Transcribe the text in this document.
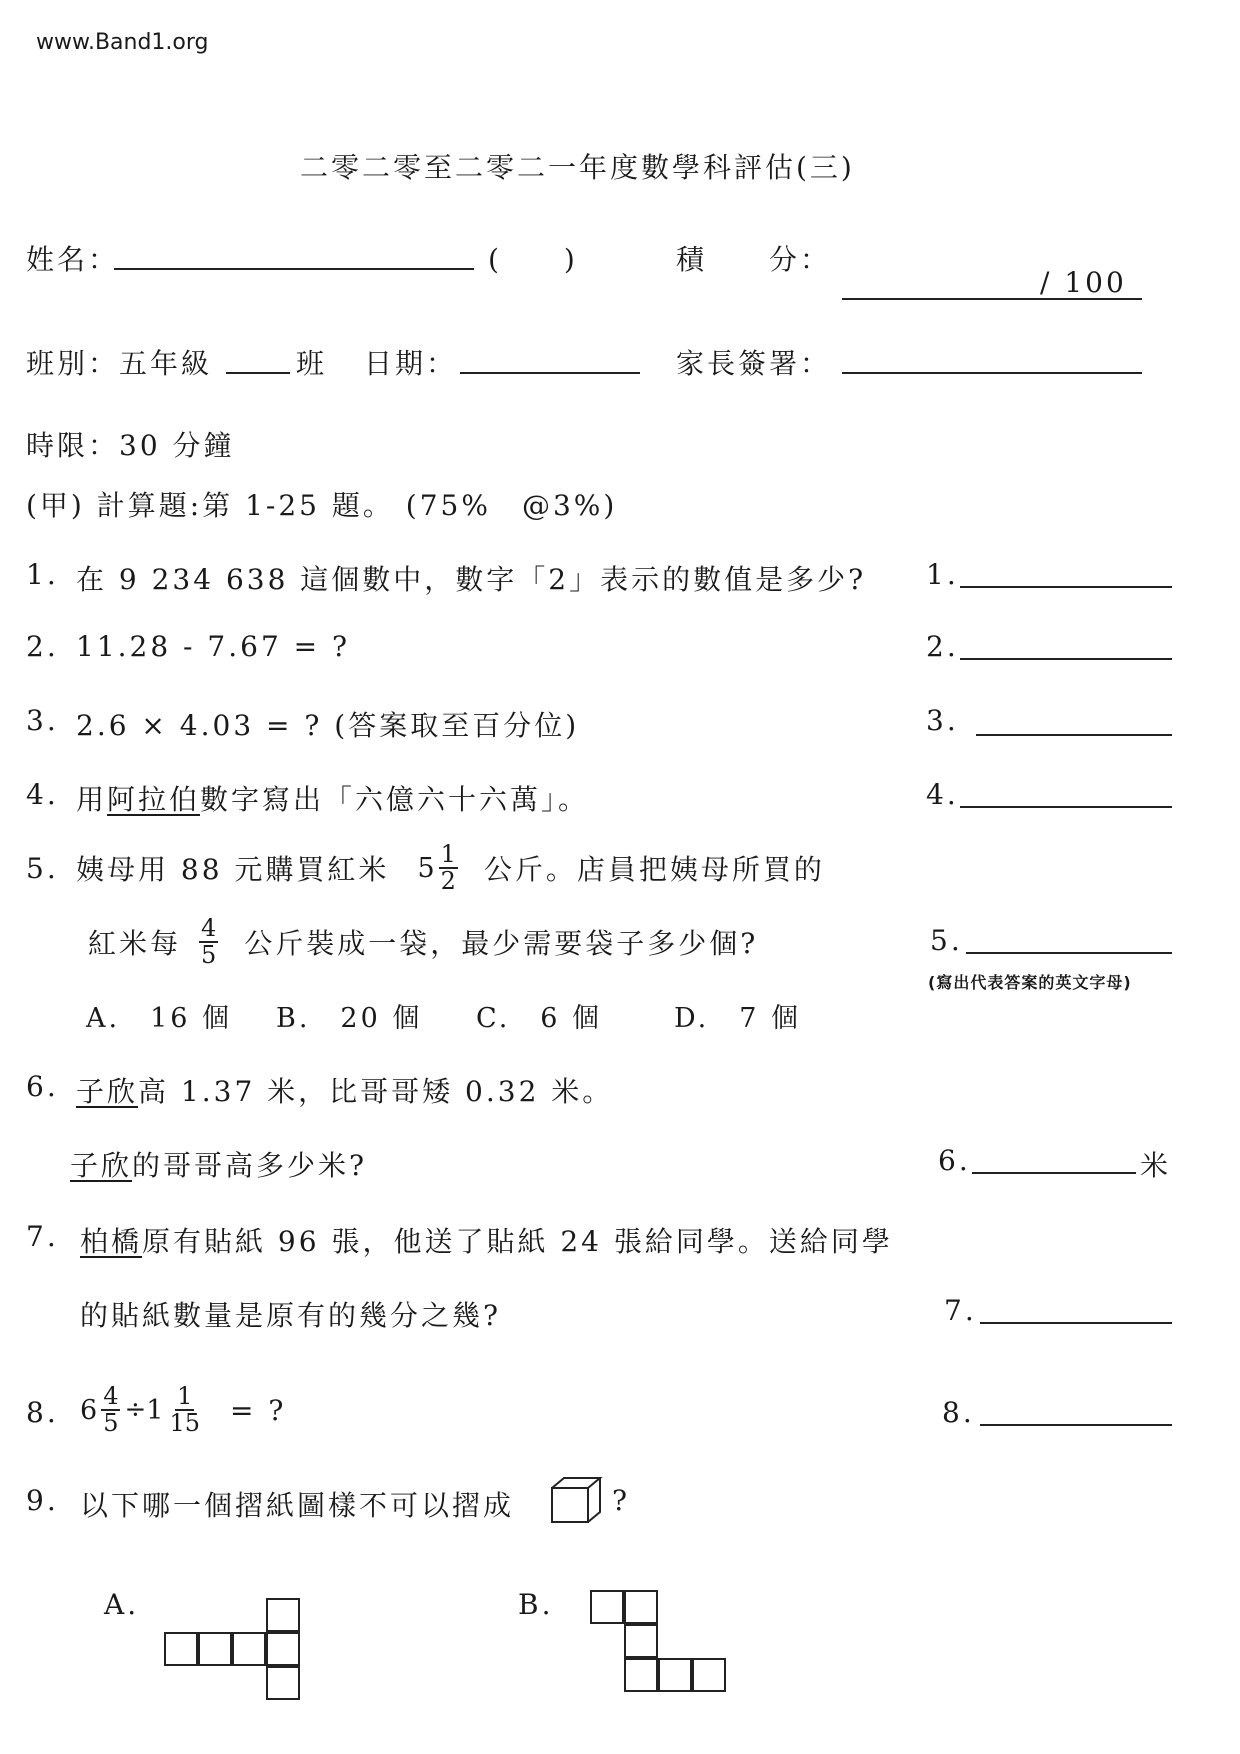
www.Band1.org
二零二零至二零二一年度數學科評估(三)
姓名：	(　　)	積　　分：
/ 100
班別：五年級	班 日期：	家長簽署：
時限：30 分鐘
(甲) 計算題:第 1-25 題。 (75%　@3%)
1. 在 9 234 638 這個數中，數字「2」表示的數值是多少? 1.
2. 11.28 - 7.67 = ?	2.
3. 2.6 × 4.03 = ? (答案取至百分位)	3.
4. 用阿拉伯數字寫出「六億六十六萬」。	4.
5. 姨母用 88 元購買紅米 $5 \frac{1}{2}$ 公斤。店員把姨母所買的
紅米每 $\frac{4}{5}$ 公斤裝成一袋，最少需要袋子多少個?	5.
(寫出代表答案的英文字母)
A.　16 個 B.　20 個 C.　6 個	D.　7 個
6. 子欣高 1.37 米，比哥哥矮 0.32 米。
子欣的哥哥高多少米?	6.	米
7. 柏橋原有貼紙 96 張，他送了貼紙 24 張給同學。送給同學
的貼紙數量是原有的幾分之幾?	7.
8. $6 \frac{4}{5} \div 1 \frac{1}{15}$ = ?	8.
9. 以下哪一個摺紙圖樣不可以摺成	?
A.	B.
